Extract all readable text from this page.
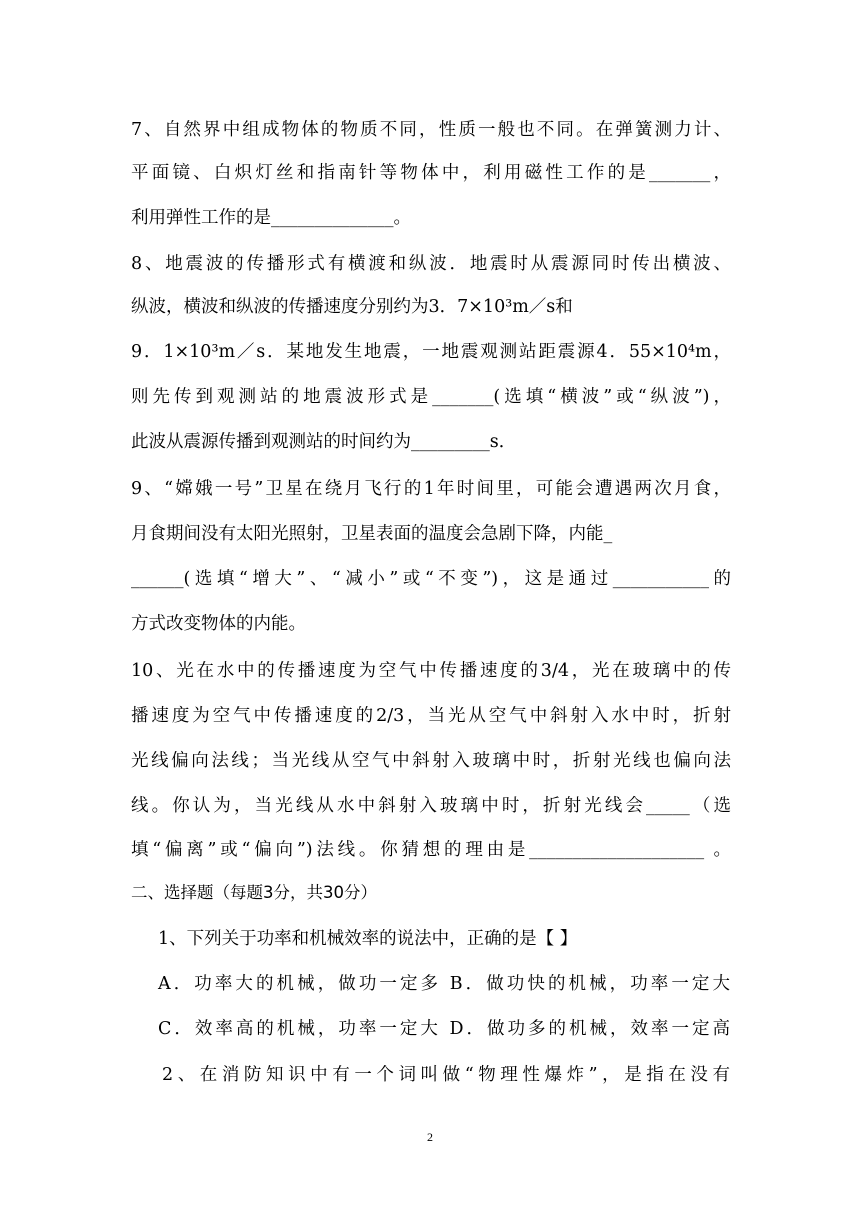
7、自然界中组成物体的物质不同，性质一般也不同。在弹簧测力计、
平面镜、白炽灯丝和指南针等物体中，利用磁性工作的是_______，
利用弹性工作的是______________。
8、地震波的传播形式有横渡和纵波．地震时从震源同时传出横波、
纵波，横波和纵波的传播速度分别约为3．7×10³m／s和
9．1×10³m／s．某地发生地震，一地震观测站距震源4．55×10⁴m，
则先传到观测站的地震波形式是_______(选填“横波”或“纵波”)，
此波从震源传播到观测站的时间约为_________s．
9、“嫦娥一号”卫星在绕月飞行的1年时间里，可能会遭遇两次月食，
月食期间没有太阳光照射，卫星表面的温度会急剧下降，内能_
______(选填“增大”、“减小”或“不变”)，这是通过___________的
方式改变物体的内能。
10、光在水中的传播速度为空气中传播速度的3/4，光在玻璃中的传
播速度为空气中传播速度的2/3，当光从空气中斜射入水中时，折射
光线偏向法线；当光线从空气中斜射入玻璃中时，折射光线也偏向法
线。你认为，当光线从水中斜射入玻璃中时，折射光线会_____（选
填“偏离”或“偏向”)法线。你猜想的理由是____________________ 。
二、选择题（每题3分，共30分）
1、下列关于功率和机械效率的说法中，正确的是【 】
A．功率大的机械，做功一定多 B．做功快的机械，功率一定大
C．效率高的机械，功率一定大 D．做功多的机械，效率一定高
2、在消防知识中有一个词叫做“物理性爆炸”，是指在没有
2
